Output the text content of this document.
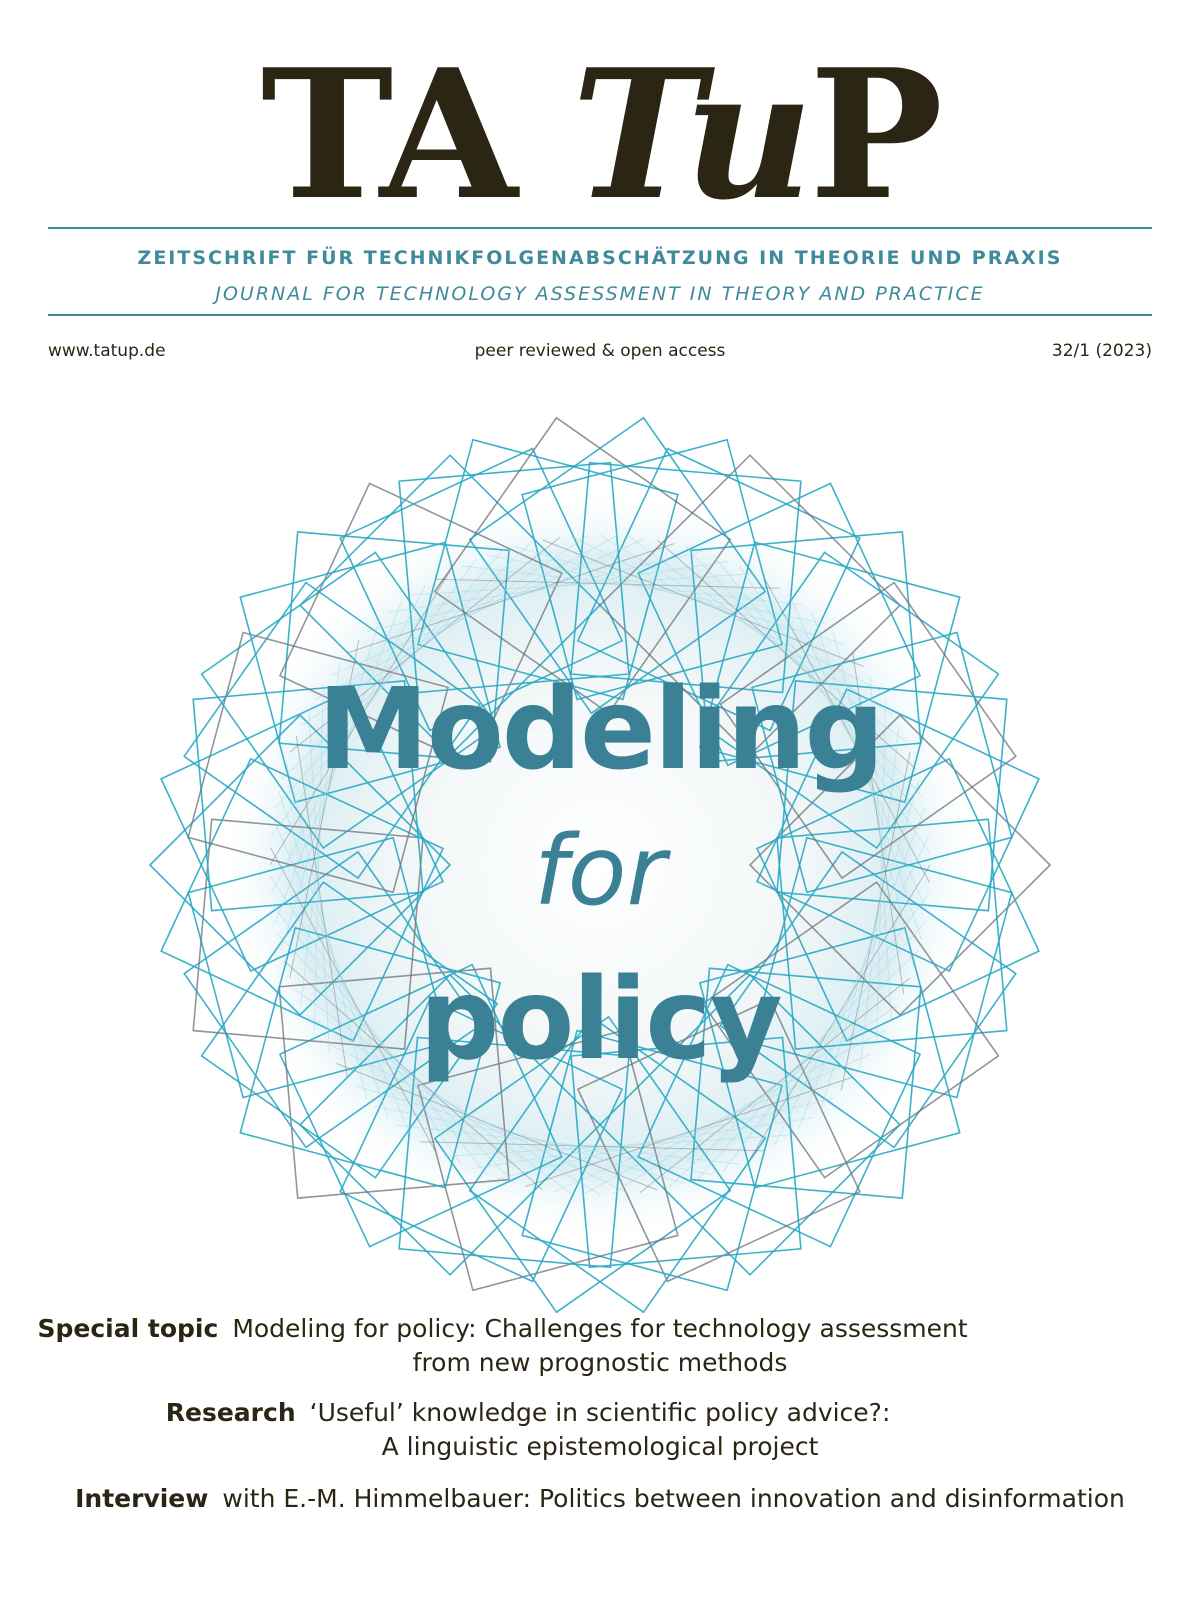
TA TuP
ZEITSCHRIFT FÜR TECHNIKFOLGENABSCHÄTZUNG IN THEORIE UND PRAXIS
JOURNAL FOR TECHNOLOGY ASSESSMENT IN THEORY AND PRACTICE
www.tatup.de	peer reviewed & open access	32/1 (2023)
Modeling
for
policy
Special topic Modeling for policy: Challenges for technology assessment
from new prognostic methods
Research ‘Useful’ knowledge in scientific policy advice?:
A linguistic epistemological project
Interview with E.-M. Himmelbauer: Politics between innovation and disinformation
